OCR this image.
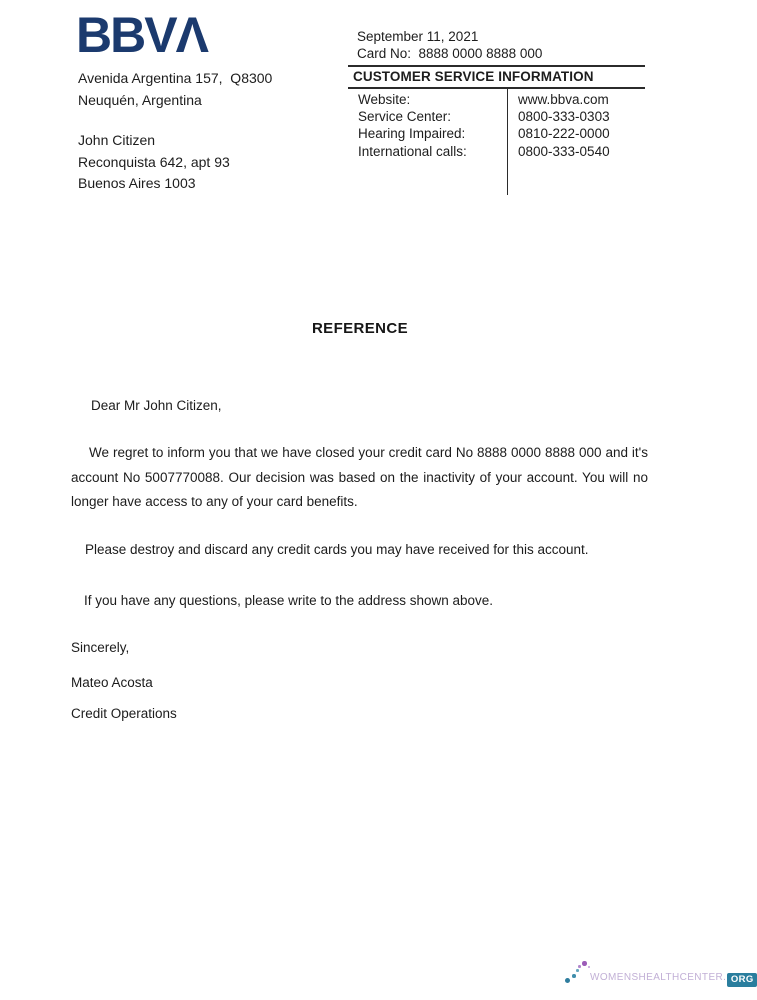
BBVΛ
Avenida Argentina 157,  Q8300
Neuquén, Argentina
John Citizen
Reconquista 642, apt 93
Buenos Aires 1003
September 11, 2021
Card No:  8888 0000 8888 000
CUSTOMER SERVICE INFORMATION
Website:	www.bbva.com
Service Center:	0800-333-0303
Hearing Impaired:	0810-222-0000
International calls:	0800-333-0540
REFERENCE
Dear Mr John Citizen,
We regret to inform you that we have closed your credit card No 8888 0000 8888 000 and it's account No 5007770088. Our decision was based on the inactivity of your account. You will no longer have access to any of your card benefits.
Please destroy and discard any credit cards you may have received for this account.
If you have any questions, please write to the address shown above.
Sincerely,
Mateo Acosta
Credit Operations
WOMENSHEALTHCENTER. ORG
